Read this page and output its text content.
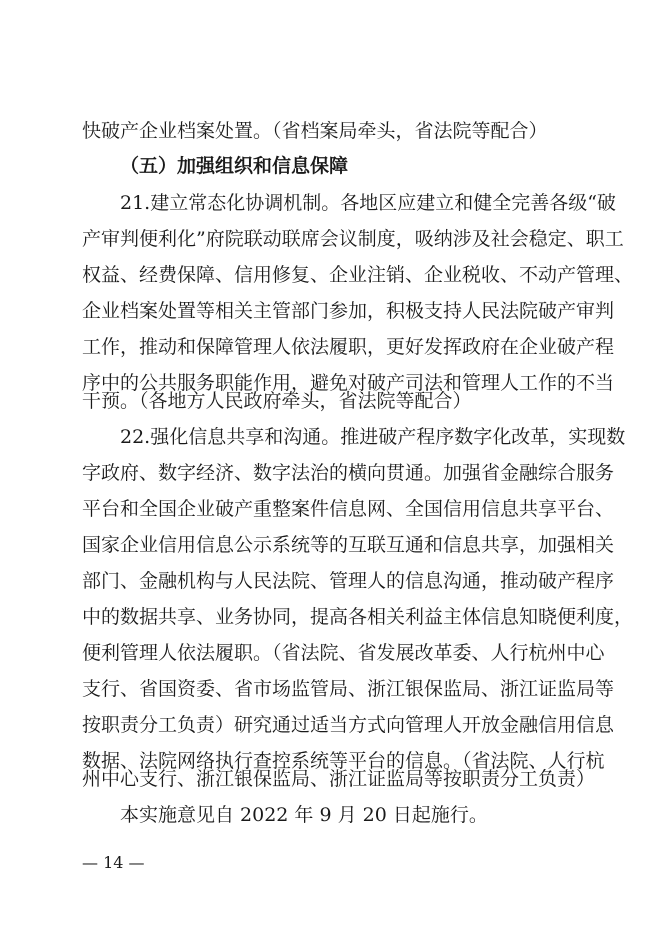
快破产企业档案处置。（省档案局牵头，省法院等配合）
（五）加强组织和信息保障
21.建立常态化协调机制。各地区应建立和健全完善各级“破
产审判便利化”府院联动联席会议制度，吸纳涉及社会稳定、职工
权益、经费保障、信用修复、企业注销、企业税收、不动产管理、
企业档案处置等相关主管部门参加，积极支持人民法院破产审判
工作，推动和保障管理人依法履职，更好发挥政府在企业破产程
序中的公共服务职能作用，避免对破产司法和管理人工作的不当
干预。（各地方人民政府牵头，省法院等配合）
22.强化信息共享和沟通。推进破产程序数字化改革，实现数
字政府、数字经济、数字法治的横向贯通。加强省金融综合服务
平台和全国企业破产重整案件信息网、全国信用信息共享平台、
国家企业信用信息公示系统等的互联互通和信息共享，加强相关
部门、金融机构与人民法院、管理人的信息沟通，推动破产程序
中的数据共享、业务协同，提高各相关利益主体信息知晓便利度，
便利管理人依法履职。（省法院、省发展改革委、人行杭州中心
支行、省国资委、省市场监管局、浙江银保监局、浙江证监局等
按职责分工负责）研究通过适当方式向管理人开放金融信用信息
数据、法院网络执行查控系统等平台的信息。（省法院、人行杭
州中心支行、浙江银保监局、浙江证监局等按职责分工负责）
本实施意见自 2022 年 9 月 20 日起施行。
— 14 —
